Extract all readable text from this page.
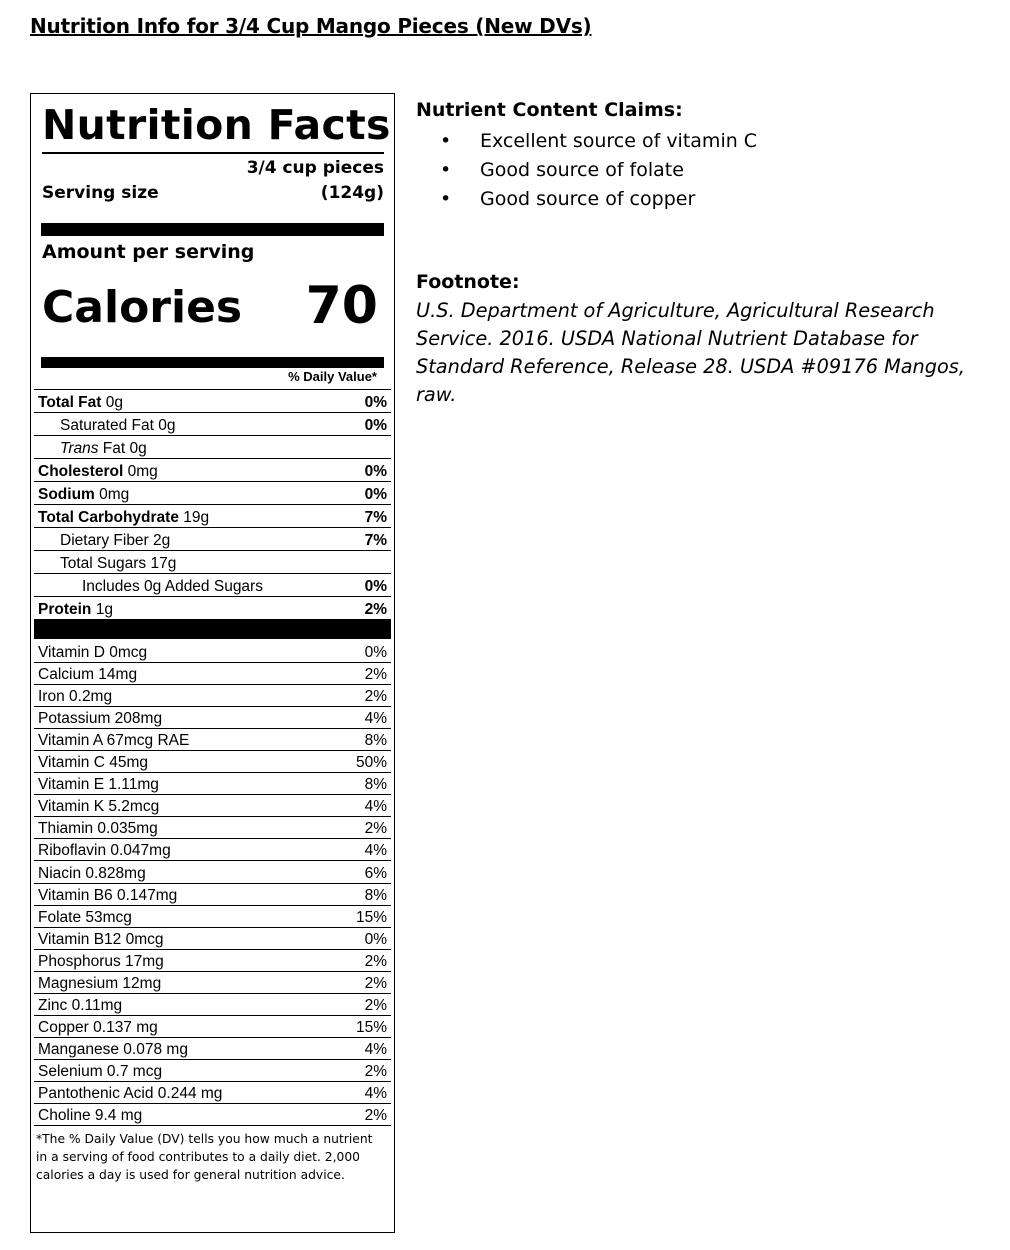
Nutrition Info for 3/4 Cup Mango Pieces (New DVs)
Nutrition Facts
3/4 cup pieces
(124g)
Serving size
Amount per serving
Calories 70
% Daily Value*
Total Fat 0g	0%
Saturated Fat 0g	0%
Trans Fat 0g
Cholesterol 0mg	0%
Sodium 0mg	0%
Total Carbohydrate 19g	7%
Dietary Fiber 2g	7%
Total Sugars 17g
Includes 0g Added Sugars	0%
Protein 1g	2%
Vitamin D 0mcg	0%
Calcium 14mg	2%
Iron 0.2mg	2%
Potassium 208mg	4%
Vitamin A 67mcg RAE	8%
Vitamin C 45mg	50%
Vitamin E 1.11mg	8%
Vitamin K 5.2mcg	4%
Thiamin 0.035mg	2%
Riboflavin 0.047mg	4%
Niacin 0.828mg	6%
Vitamin B6 0.147mg	8%
Folate 53mcg	15%
Vitamin B12 0mcg	0%
Phosphorus 17mg	2%
Magnesium 12mg	2%
Zinc 0.11mg	2%
Copper 0.137 mg	15%
Manganese 0.078 mg	4%
Selenium 0.7 mcg	2%
Pantothenic Acid 0.244 mg	4%
Choline 9.4 mg	2%
*The % Daily Value (DV) tells you how much a nutrient in a serving of food contributes to a daily diet. 2,000 calories a day is used for general nutrition advice.
Nutrient Content Claims:
•	Excellent source of vitamin C
•	Good source of folate
•	Good source of copper
Footnote:
U.S. Department of Agriculture, Agricultural Research Service. 2016. USDA National Nutrient Database for Standard Reference, Release 28. USDA #09176 Mangos, raw.
